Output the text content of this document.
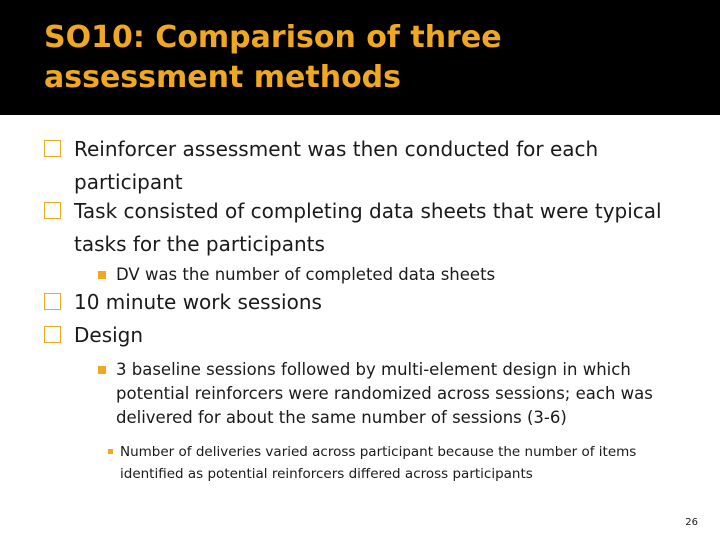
SO10: Comparison of three assessment methods
Reinforcer assessment was then conducted for each participant
Task consisted of completing data sheets that were typical tasks for the participants
DV was the number of completed data sheets
10 minute work sessions
Design
3 baseline sessions followed by multi-element design in which potential reinforcers were randomized across sessions; each was delivered for about the same number of sessions (3-6)
Number of deliveries varied across participant because the number of items identified as potential reinforcers differed across participants
26
